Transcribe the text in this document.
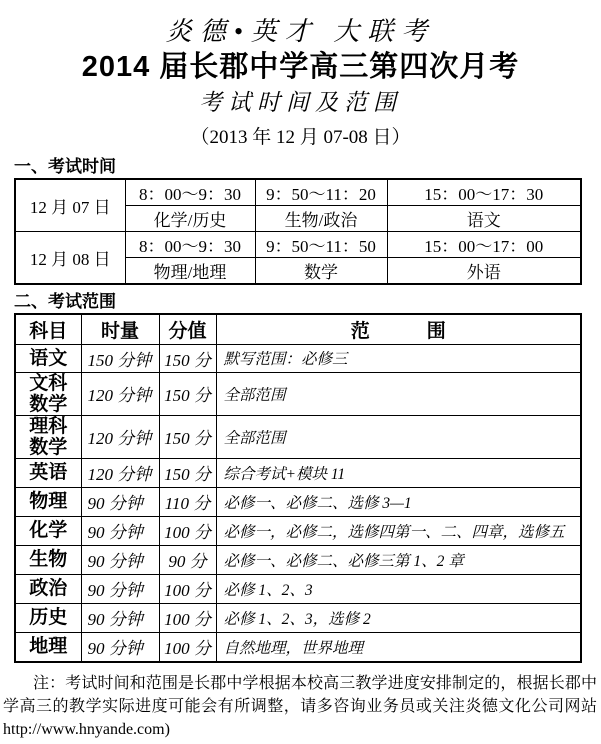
炎德•英才 大联考
2014 届长郡中学高三第四次月考
考试时间及范围
（2013 年 12 月 07-08 日）
一、考试时间
12 月 07 日	8：00～9：30	9：50～11：20	15：00～17：30
	化学/历史	生物/政治	语文
12 月 08 日	8：00～9：30	9：50～11：50	15：00～17：00
	物理/地理	数学	外语
二、考试范围
科目	时量	分值	范　　　围
语文	150 分钟	150 分	默写范围：必修三
文科数学	120 分钟	150 分	全部范围
理科数学	120 分钟	150 分	全部范围
英语	120 分钟	150 分	综合考试+模块 11
物理	90 分钟	110 分	必修一、必修二、选修 3—1
化学	90 分钟	100 分	必修一，必修二，选修四第一、二、四章，选修五
生物	90 分钟	90 分	必修一、必修二、必修三第 1、2 章
政治	90 分钟	100 分	必修 1、2、3
历史	90 分钟	100 分	必修 1、2、3，选修 2
地理	90 分钟	100 分	自然地理，世界地理
注：考试时间和范围是长郡中学根据本校高三教学进度安排制定的，根据长郡中学高三的教学实际进度可能会有所调整，请多咨询业务员或关注炎德文化公司网站http://www.hnyande.com)
